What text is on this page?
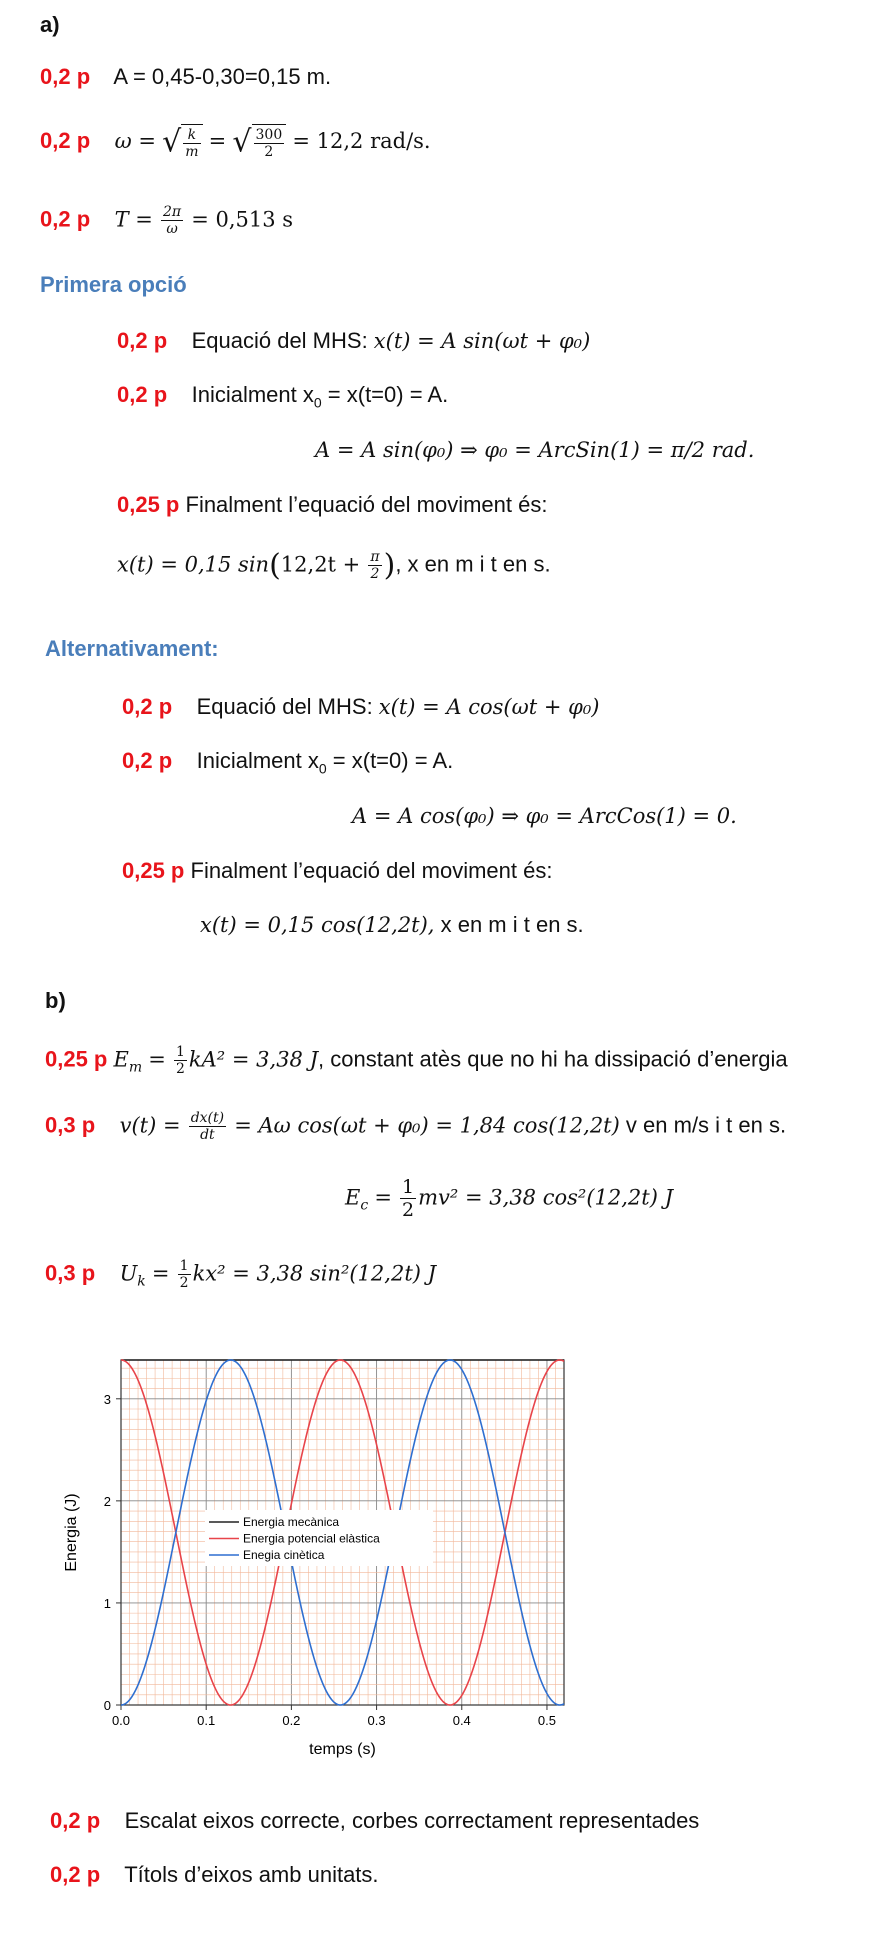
a)
0,2 p A = 0,45-0,30=0,15 m.
0,2 p ω = √ $\frac{k}{m}$ = √ $\frac{300}{2} = 12,2$ rad/s.
0,2 p $T = \frac{2\pi}{\omega} = 0,513$ s
Primera opció
0,2 p Equació del MHS: x(t) = A sin(ωt + φ₀)
0,2 p Inicialment $x_0 = x(t=0) = A$.
A = A sin(φ₀) ⇒ φ₀ = ArcSin(1) = π/2 rad.
0,25 p Finalment l’equació del moviment és:
x(t) = 0,15 $\sin(12,2t + \frac{\pi}{2}$ ), x en m i t en s.
Alternativament:
0,2 p Equació del MHS: x(t) = A cos(ωt + φ₀)
0,2 p Inicialment $x_0 = x(t=0) = A$.
A = A cos(φ₀) ⇒ φ₀ = ArcCos(1) = 0.
0,25 p Finalment l’equació del moviment és:
x(t) = 0,15 cos(12,2t), x en m i t en s.
b)
0,25 p $E_m = \frac{1}{2} kA^2 = 3,38$ J, constant atès que no hi ha dissipació d’energia
0,3 p $v(t) = \frac{dx(t)}{dt} = A\omega$ cos(ωt + φ₀) = 1,84 cos(12,2t) v en m/s i t en s.
$E_c = \frac{1}{2} mv^2 = 3,38$ cos²(12,2t) J
0,3 p $U_k = \frac{1}{2} kx^2 = 3,38$ sin²(12,2t) J
0.0	0.1	0.2	0.3	0.4	0.5
0
1
2
3
Energia mecànica
Energia potencial elàstica
Enegia cinètica
temps (s)
Energia (J)
0,2 p Escalat eixos correcte, corbes correctament representades
0,2 p Títols d’eixos amb unitats.
